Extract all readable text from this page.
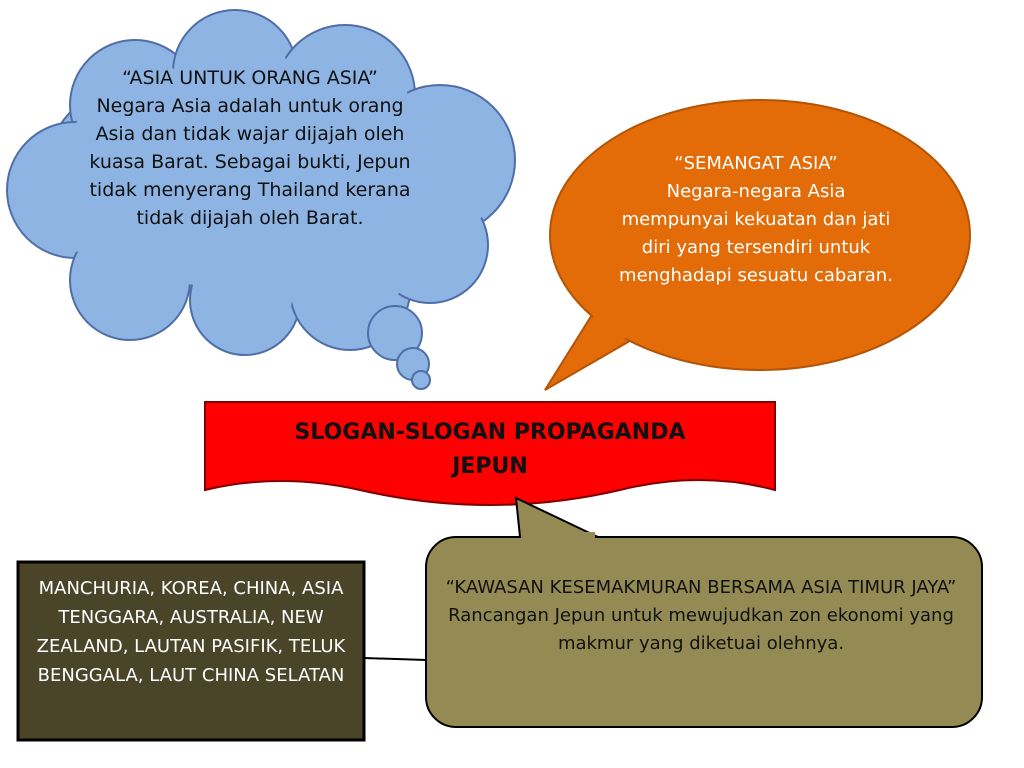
“ASIA UNTUK ORANG ASIA”
Negara Asia adalah untuk orang Asia dan tidak wajar dijajah oleh kuasa Barat. Sebagai bukti, Jepun tidak menyerang Thailand kerana tidak dijajah oleh Barat.
“SEMANGAT ASIA”
Negara-negara Asia mempunyai kekuatan dan jati diri yang tersendiri untuk menghadapi sesuatu cabaran.
SLOGAN-SLOGAN PROPAGANDA
JEPUN
“KAWASAN KESEMAKMURAN BERSAMA ASIA TIMUR JAYA”
Rancangan Jepun untuk mewujudkan zon ekonomi yang makmur yang diketuai olehnya.
MANCHURIA, KOREA, CHINA, ASIA TENGGARA, AUSTRALIA, NEW ZEALAND, LAUTAN PASIFIK, TELUK BENGGALA, LAUT CHINA SELATAN
